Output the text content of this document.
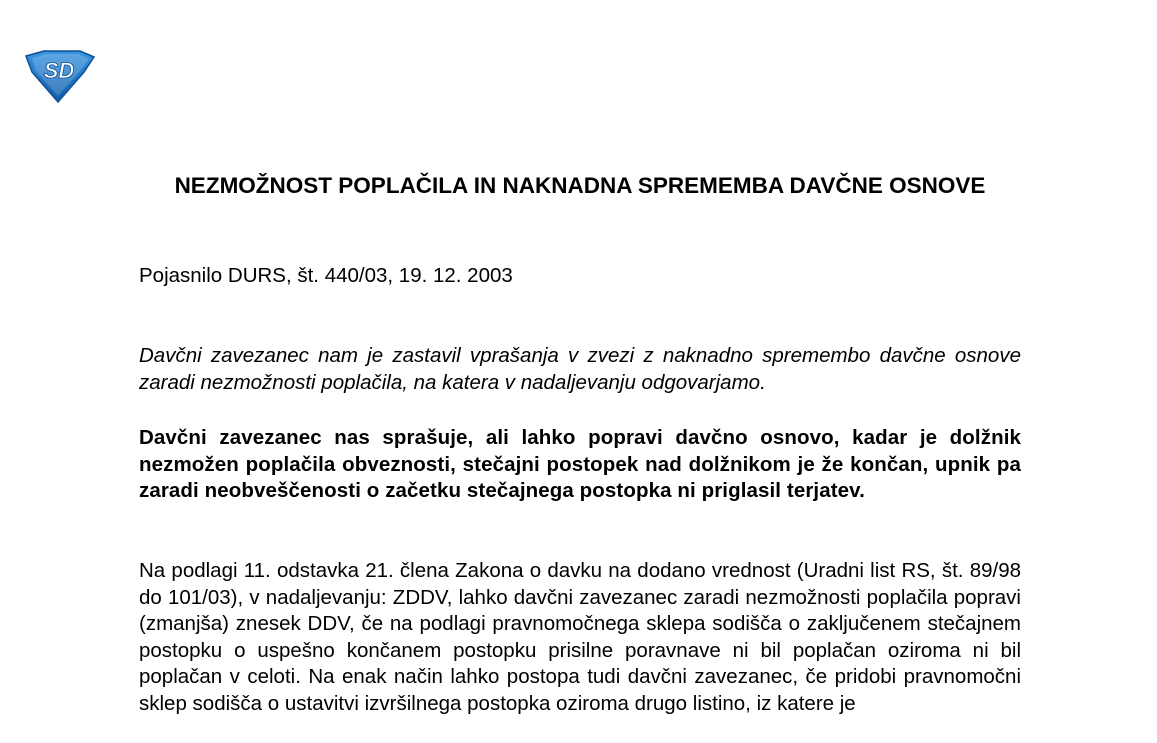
SD
NEZMOŽNOST POPLAČILA IN NAKNADNA SPREMEMBA DAVČNE OSNOVE

Pojasnilo DURS, št. 440/03, 19. 12. 2003

Davčni zavezanec nam je zastavil vprašanja v zvezi z naknadno spremembo davčne osnove zaradi nezmožnosti poplačila, na katera v nadaljevanju odgovarjamo.

Davčni zavezanec nas sprašuje, ali lahko popravi davčno osnovo, kadar je dolžnik nezmožen poplačila obveznosti, stečajni postopek nad dolžnikom je že končan, upnik pa zaradi neobveščenosti o začetku stečajnega postopka ni priglasil terjatev.

Na podlagi 11. odstavka 21. člena Zakona o davku na dodano vrednost (Uradni list RS, št. 89/98 do 101/03), v nadaljevanju: ZDDV, lahko davčni zavezanec zaradi nezmožnosti poplačila popravi (zmanjša) znesek DDV, če na podlagi pravnomočnega sklepa sodišča o zaključenem stečajnem postopku o uspešno končanem postopku prisilne poravnave ni bil poplačan oziroma ni bil poplačan v celoti. Na enak način lahko postopa tudi davčni zavezanec, če pridobi pravnomočni sklep sodišča o ustavitvi izvršilnega postopka oziroma drugo listino, iz katere je
